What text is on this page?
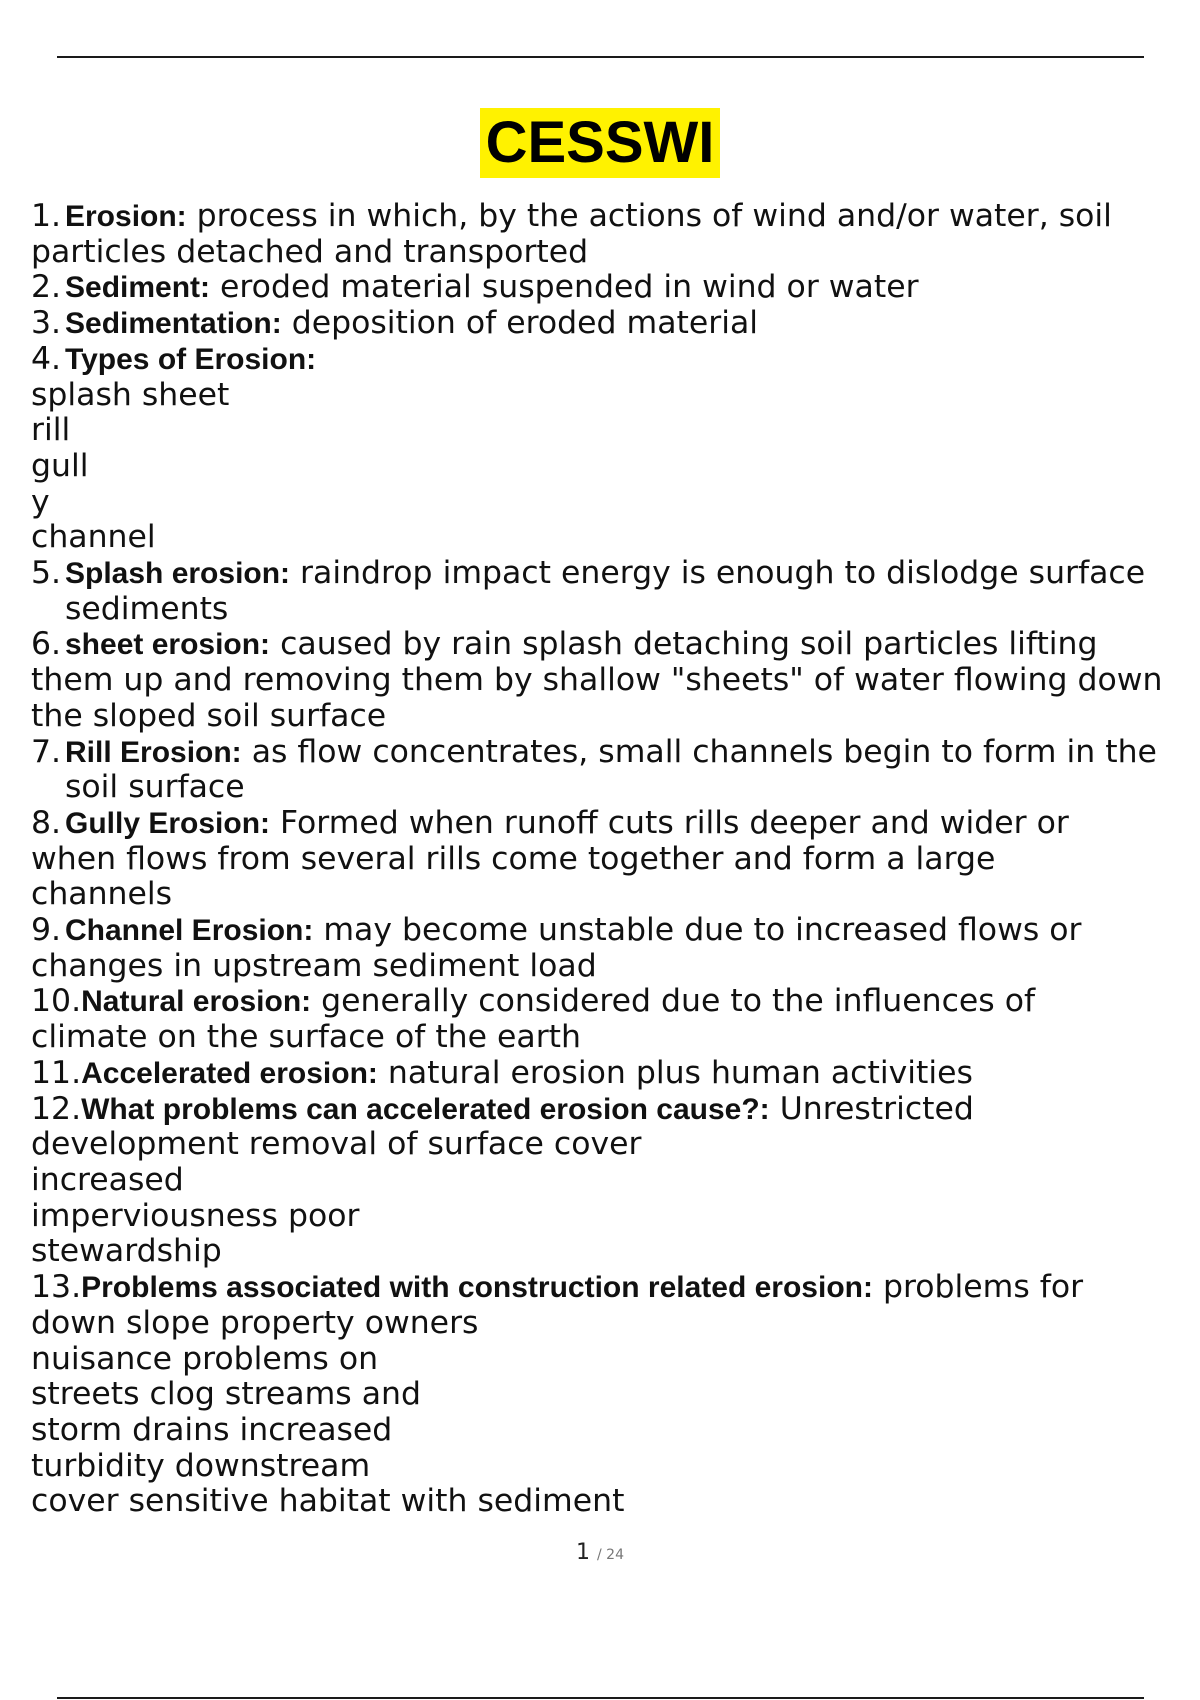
CESSWI
1. Erosion: process in which, by the actions of wind and/or water, soil
particles detached and transported
2. Sediment: eroded material suspended in wind or water
3. Sedimentation: deposition of eroded material
4. Types of Erosion:
splash sheet
rill
gull
y
channel
5. Splash erosion: raindrop impact energy is enough to dislodge surface
sediments
6. sheet erosion: caused by rain splash detaching soil particles lifting
them up and removing them by shallow "sheets" of water flowing down
the sloped soil surface
7. Rill Erosion: as flow concentrates, small channels begin to form in the
soil surface
8. Gully Erosion: Formed when runoff cuts rills deeper and wider or
when flows from several rills come together and form a large
channels
9. Channel Erosion: may become unstable due to increased flows or
changes in upstream sediment load
10.Natural erosion: generally considered due to the influences of
climate on the surface of the earth
11.Accelerated erosion: natural erosion plus human activities
12.What problems can accelerated erosion cause?: Unrestricted
development removal of surface cover
increased
imperviousness poor
stewardship
13.Problems associated with construction related erosion: problems for
down slope property owners
nuisance problems on
streets clog streams and
storm drains increased
turbidity downstream
cover sensitive habitat with sediment
1 / 24
